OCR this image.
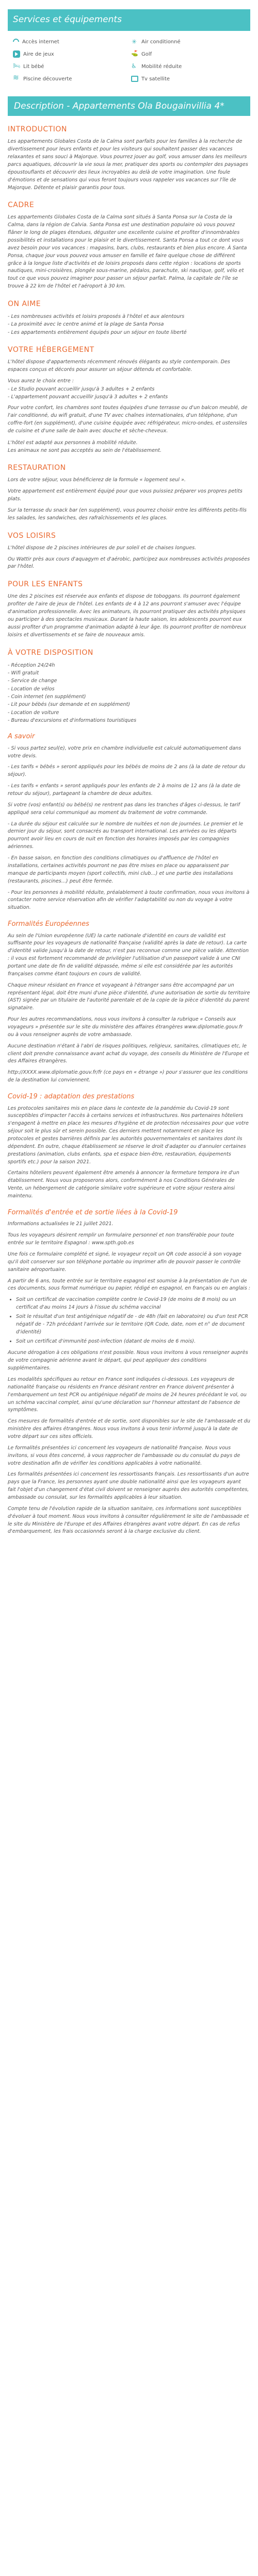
Services et équipements
Accès internet ✳	Air conditionné
Aire de jeux ⛳	Golf
🛏
Lit bébé ♿	Mobilité réduite
≋
Piscine découverte	Tv satellite
Description - Appartements Ola Bougainvillia 4*
INTRODUCTION

Les appartements Globales Costa de la Calma sont parfaits pour les familles à la recherche de divertissement pour leurs enfants et pour les visiteurs qui souhaitent passer des vacances relaxantes et sans souci à Majorque. Vous pourrez jouer au golf, vous amuser dans les meilleurs parcs aquatiques, découvrir la vie sous la mer, pratiquer des sports ou contempler des paysages époustouflants et découvrir des lieux incroyables au delà de votre imagination. Une foule d'émotions et de sensations qui vous feront toujours vous rappeler vos vacances sur l'île de Majorque. Détente et plaisir garantis pour tous.

CADRE

Les appartements Globales Costa de la Calma sont situés à Santa Ponsa sur la Costa de la Calma, dans la région de Calvia. Santa Ponsa est une destination populaire où vous pouvez flâner le long de plages étendues, déguster une excellente cuisine et profiter d'innombrables possibilités et installations pour le plaisir et le divertissement. Santa Ponsa a tout ce dont vous avez besoin pour vos vacances : magasins, bars, clubs, restaurants et bien plus encore. À Santa Ponsa, chaque jour vous pouvez vous amuser en famille et faire quelque chose de différent grâce à la longue liste d'activités et de loisirs proposés dans cette région : locations de sports nautiques, mini-croisières, plongée sous-marine, pédalos, parachute, ski nautique, golf, vélo et tout ce que vous pouvez imaginer pour passer un séjour parfait. Palma, la capitale de l'île se trouve à 22 km de l'hôtel et l'aéroport à 30 km.

ON AIME
- Les nombreuses activités et loisirs proposés à l'hôtel et aux alentours
- La proximité avec le centre animé et la plage de Santa Ponsa
- Les appartements entièrement équipés pour un séjour en toute liberté
VOTRE HÉBERGEMENT

L'hôtel dispose d'appartements récemment rénovés élégants au style contemporain. Des espaces conçus et décorés pour assurer un séjour détendu et confortable.

Vous aurez le choix entre :

- Le Studio pouvant accueillir jusqu'à 3 adultes + 2 enfants
- L'appartement pouvant accueillir jusqu'à 3 adultes + 2 enfants

Pour votre confort, les chambres sont toutes équipées d'une terrasse ou d'un balcon meublé, de l'air conditionné, du wifi gratuit, d'une TV avec chaînes internationales, d'un téléphone, d'un coffre-fort (en supplément), d'une cuisine équipée avec réfrigérateur, micro-ondes, et ustensiles de cuisine et d'une salle de bain avec douche et sèche-cheveux.

L'hôtel est adapté aux personnes à mobilité réduite.
Les animaux ne sont pas acceptés au sein de l'établissement.
RESTAURATION

Lors de votre séjour, vous bénéficierez de la formule « logement seul ».

Votre appartement est entièrement équipé pour que vous puissiez préparer vos propres petits plats.

Sur la terrasse du snack bar (en supplément), vous pourrez choisir entre les différents petits-fils les salades, les sandwiches, des rafraîchissements et les glaces.

VOS LOISIRS

L'hôtel dispose de 2 piscines intérieures de pur soleil et de chaises longues.

Ou Wattir près aux cours d'aquagym et d'aérobic, participez aux nombreuses activités proposées par l'hôtel.

POUR LES ENFANTS

Une des 2 piscines est réservée aux enfants et dispose de toboggans. Ils pourront également profiter de l'aire de jeux de l'hôtel. Les enfants de 4 à 12 ans pourront s'amuser avec l'équipe d'animation professionnelle. Avec les animateurs, ils pourront pratiquer des activités physiques ou participer à des spectacles musicaux. Durant la haute saison, les adolescents pourront eux aussi profiter d'un programme d'animation adapté à leur âge. Ils pourront profiter de nombreux loisirs et divertissements et se faire de nouveaux amis.

À VOTRE DISPOSITION
- Réception 24/24h
- Wifi gratuit
- Service de change
- Location de vélos
- Coin internet (en supplément)
- Lit pour bébés (sur demande et en supplément)
- Location de voiture
- Bureau d'excursions et d'informations touristiques
A savoir

- Si vous partez seul(e), votre prix en chambre individuelle est calculé automatiquement dans votre devis.

- Les tarifs « bébés » seront appliqués pour les bébés de moins de 2 ans (à la date de retour du séjour).

- Les tarifs « enfants » seront appliqués pour les enfants de 2 à moins de 12 ans (à la date de retour du séjour), partageant la chambre de deux adultes.

Si votre (vos) enfant(s) ou bébé(s) ne rentrent pas dans les tranches d'âges ci-dessus, le tarif appliqué sera celui communiqué au moment du traitement de votre commande.

- La durée du séjour est calculée sur le nombre de nuitées et non de journées. Le premier et le dernier jour du séjour, sont consacrés au transport international. Les arrivées ou les départs pourront avoir lieu en cours de nuit en fonction des horaires imposés par les compagnies aériennes.

- En basse saison, en fonction des conditions climatiques ou d'affluence de l'hôtel en installations, certaines activités pourront ne pas être mises en place ou apparaissent par manque de participants moyen (sport collectifs, mini club...) et une partie des installations (restaurants, piscines...) peut être fermée.

- Pour les personnes à mobilité réduite, préalablement à toute confirmation, nous vous invitons à contacter notre service réservation afin de vérifier l'adaptabilité ou non du voyage à votre situation.

Formalités Européennes

Au sein de l'Union européenne (UE) la carte nationale d'identité en cours de validité est suffisante pour les voyageurs de nationalité française (validité après la date de retour). La carte d'identité valide jusqu'à la date de retour, n'est pas reconnue comme une pièce valide. Attention : il vous est fortement recommandé de privilégier l'utilisation d'un passeport valide à une CNI portant une date de fin de validité dépassée, même si elle est considérée par les autorités françaises comme étant toujours en cours de validité.

Chaque mineur résidant en France et voyageant à l'étranger sans être accompagné par un représentant légal, doit être muni d'une pièce d'identité, d'une autorisation de sortie du territoire (AST) signée par un titulaire de l'autorité parentale et de la copie de la pièce d'identité du parent signataire.

Pour les autres recommandations, nous vous invitons à consulter la rubrique « Conseils aux voyageurs » présentée sur le site du ministère des affaires étrangères www.diplomatie.gouv.fr ou à vous renseigner auprès de votre ambassade.

Aucune destination n'étant à l'abri de risques politiques, religieux, sanitaires, climatiques etc, le client doit prendre connaissance avant achat du voyage, des conseils du Ministère de l'Europe et des Affaires étrangères.

http://XXXX.www.diplomatie.gouv.fr/fr (ce pays en « étrange ») pour s'assurer que les conditions de la destination lui conviennent.

Covid-19 : adaptation des prestations

Les protocoles sanitaires mis en place dans le contexte de la pandémie du Covid-19 sont susceptibles d'impacter l'accès à certains services et infrastructures. Nos partenaires hôteliers s'engagent à mettre en place les mesures d'hygiène et de protection nécessaires pour que votre séjour soit le plus sûr et serein possible. Ces derniers mettent notamment en place les protocoles et gestes barrières définis par les autorités gouvernementales et sanitaires dont ils dépendent. En outre, chaque établissement se réserve le droit d'adapter ou d'annuler certaines prestations (animation, clubs enfants, spa et espace bien-être, restauration, équipements sportifs etc.) pour la saison 2021.

Certains hôteliers peuvent également être amenés à annoncer la fermeture tempora ire d'un établissement. Nous vous proposerons alors, conformément à nos Conditions Générales de Vente, un hébergement de catégorie similaire votre supérieure et votre séjour restera ainsi maintenu.

Formalités d'entrée et de sortie liées à la Covid-19

Informations actualisées le 21 juillet 2021.

Tous les voyageurs désirent remplir un formulaire personnel et non transférable pour toute entrée sur le territoire Espagnol : www.spth.gob.es

Une fois ce formulaire complété et signé, le voyageur reçoit un QR code associé à son voyage qu'il doit conserver sur son téléphone portable ou imprimer afin de pouvoir passer le contrôle sanitaire aéroportuaire.

A partir de 6 ans, toute entrée sur le territoire espagnol est soumise à la présentation de l'un de ces documents, sous format numérique ou papier, rédigé en espagnol, en français ou en anglais :

• Soit un certificat de vaccination complète contre le Covid-19 (de moins de 8 mois) ou un certificat d'au moins 14 jours à l'issue du schéma vaccinal
• Soit le résultat d'un test antigénique négatif de - de 48h (fait en laboratoire) ou d'un test PCR négatif de - 72h précédant l'arrivée sur le territoire (QR Code, date, nom et n° de document d'identité)
• Soit un certificat d'immunité post-infection (datant de moins de 6 mois).

Aucune dérogation à ces obligations n'est possible. Nous vous invitons à vous renseigner auprès de votre compagnie aérienne avant le départ, qui peut appliquer des conditions supplémentaires.

Les modalités spécifiques au retour en France sont indiquées ci-dessous. Les voyageurs de nationalité française ou résidents en France désirant rentrer en France doivent présenter à l'embarquement un test PCR ou antigénique négatif de moins de 24 heures précédant le vol, ou un schéma vaccinal complet, ainsi qu'une déclaration sur l'honneur attestant de l'absence de symptômes.

Ces mesures de formalités d'entrée et de sortie, sont disponibles sur le site de l'ambassade et du ministère des affaires étrangères. Nous vous invitons à vous tenir informé jusqu'à la date de votre départ sur ces sites officiels.

Le formalités présentées ici concernent les voyageurs de nationalité française. Nous vous invitons, si vous êtes concerné, à vous rapprocher de l'ambassade ou du consulat du pays de votre destination afin de vérifier les conditions applicables à votre nationalité.

Les formalités présentées ici concernent les ressortissants français. Les ressortissants d'un autre pays que la France, les personnes ayant une double nationalité ainsi que les voyageurs ayant fait l'objet d'un changement d'état civil doivent se renseigner auprès des autorités compétentes, ambassade ou consulat, sur les formalités applicables à leur situation.

Compte tenu de l'évolution rapide de la situation sanitaire, ces informations sont susceptibles d'évoluer à tout moment. Nous vous invitons à consulter régulièrement le site de l'ambassade et le site du Ministère de l'Europe et des Affaires étrangères avant votre départ. En cas de refus d'embarquement, les frais occasionnés seront à la charge exclusive du client.
